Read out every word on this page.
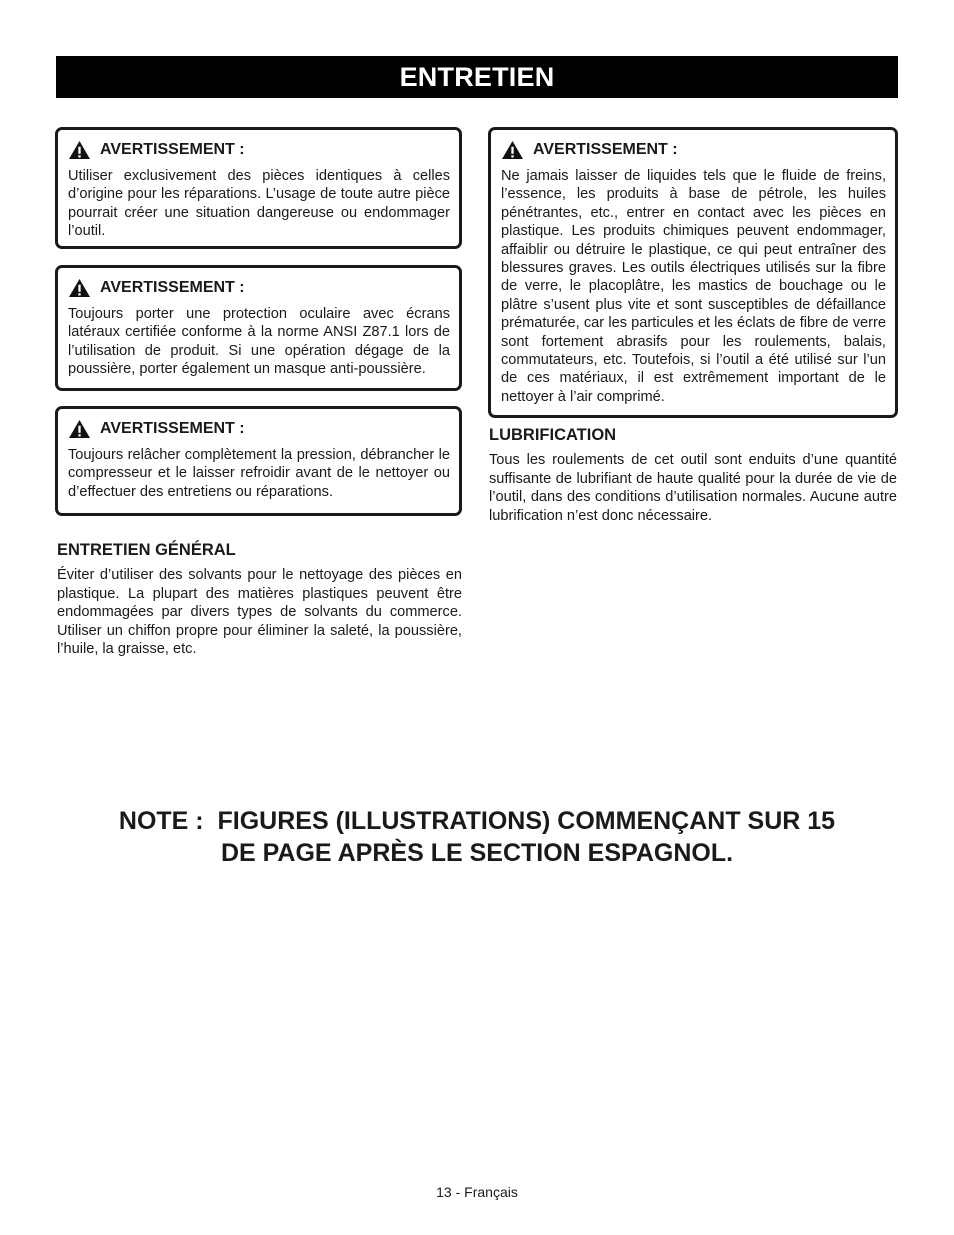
ENTRETIEN
AVERTISSEMENT :
Utiliser exclusivement des pièces identiques à celles d’origine pour les réparations. L’usage de toute autre pièce pourrait créer une situation dangereuse ou endommager l’outil.
AVERTISSEMENT :
Toujours porter une protection oculaire avec écrans latéraux certifiée conforme à la norme ANSI Z87.1 lors de l’utilisation de produit. Si une opération dégage de la poussière, porter également un masque anti-poussière.
AVERTISSEMENT :
Toujours relâcher complètement la pression, débrancher le compresseur et le laisser refroidir avant de le nettoyer ou d’effectuer des entretiens ou réparations.
ENTRETIEN GÉNÉRAL
Éviter d’utiliser des solvants pour le nettoyage des pièces en plastique. La plupart des matières plastiques peuvent être endommagées par divers types de solvants du commerce. Utiliser un chiffon propre pour éliminer la saleté, la poussière, l’huile, la graisse, etc.
AVERTISSEMENT :
Ne jamais laisser de liquides tels que le fluide de freins, l’essence, les produits à base de pétrole, les huiles pénétrantes, etc., entrer en contact avec les pièces en plastique. Les produits chimiques peuvent endommager, affaiblir ou détruire le plastique, ce qui peut entraîner des blessures graves. Les outils électriques utilisés sur la fibre de verre, le placoplâtre, les mastics de bouchage ou le plâtre s’usent plus vite et sont susceptibles de défaillance prématurée, car les particules et les éclats de fibre de verre sont fortement abrasifs pour les roulements, balais, commutateurs, etc. Toutefois, si l’outil a été utilisé sur l’un de ces matériaux, il est extrêmement important de le nettoyer à l’air comprimé.
LUBRIFICATION
Tous les roulements de cet outil sont enduits d’une quantité suffisante de lubrifiant de haute qualité pour la durée de vie de l’outil, dans des conditions d’utilisation normales. Aucune autre lubrification n’est donc nécessaire.
NOTE :  FIGURES (ILLUSTRATIONS) COMMENÇANT SUR 15
DE PAGE APRÈS LE SECTION ESPAGNOL.
13 - Français
